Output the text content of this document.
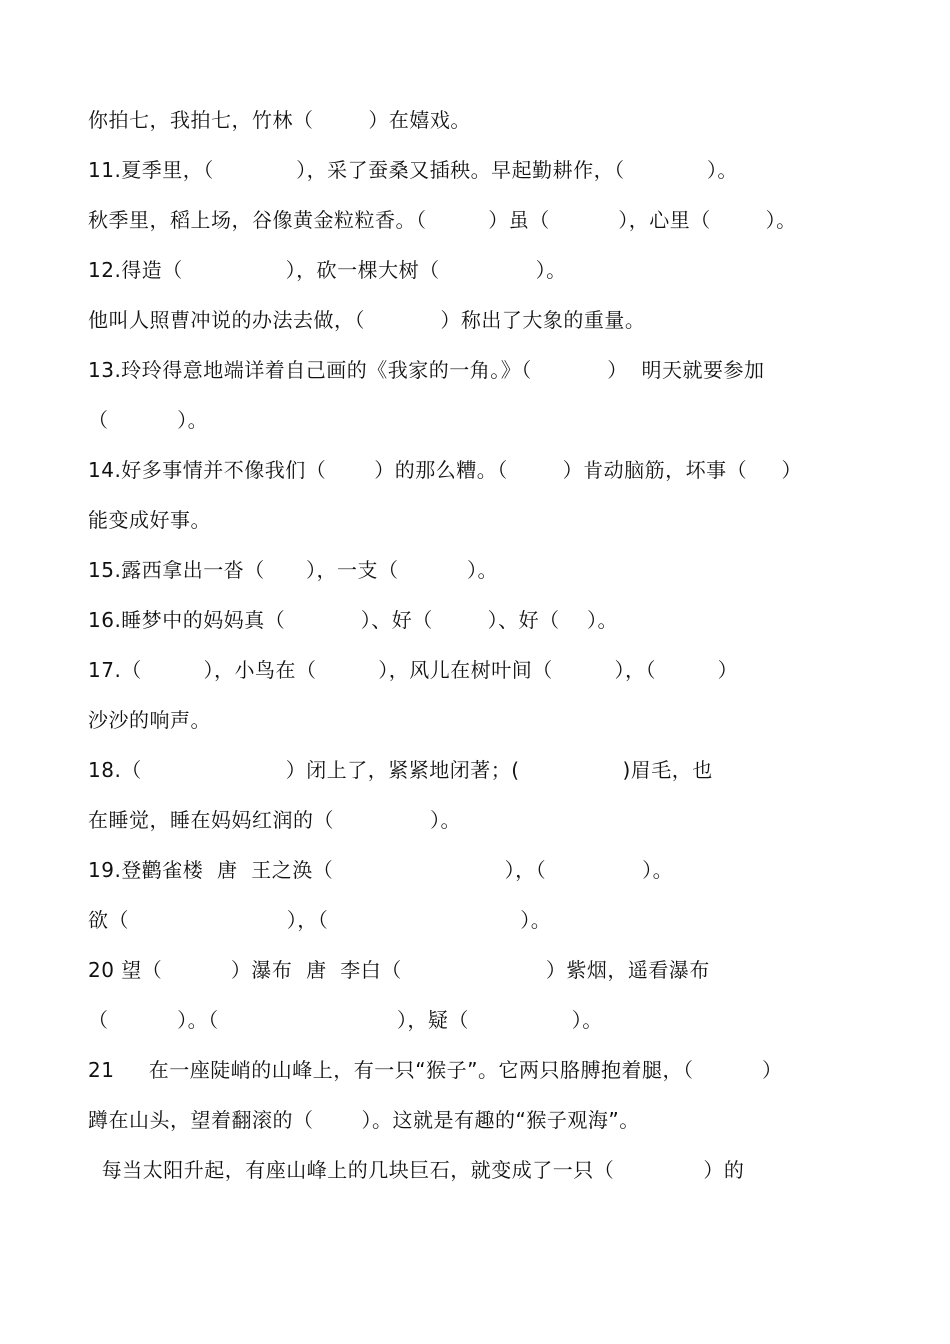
你拍七，我拍七，竹林（        ）在嬉戏。
11.夏季里，（            ），采了蚕桑又插秧。早起勤耕作，（            ）。
秋季里，稻上场，谷像黄金粒粒香。（         ）虽（          ），心里（        ）。
12.得造（               ），砍一棵大树（              ）。
他叫人照曹冲说的办法去做，（           ）称出了大象的重量。
13.玲玲得意地端详着自己画的《我家的一角。》（           ）  明天就要参加
（          ）。
14.好多事情并不像我们（       ）的那么糟。（        ）肯动脑筋，坏事（     ）
能变成好事。
15.露西拿出一沓（      ），一支（          ）。
16.睡梦中的妈妈真（           ）、好（        ）、好（    ）。
17.（         ），小鸟在（         ），风儿在树叶间（         ），（         ）
沙沙的响声。
18.（                     ）闭上了，紧紧地闭著；(               )眉毛，也
在睡觉，睡在妈妈红润的（              ）。
19.登鹳雀楼  唐  王之涣（                         ），（              ）。
欲（                       ），（                            ）。
20 望（          ）瀑布  唐  李白（                     ）紫烟，遥看瀑布
（          ）。（                          ），疑（               ）。
21     在一座陡峭的山峰上，有一只“猴子”。它两只胳膊抱着腿，（          ）
蹲在山头，望着翻滚的（       ）。这就是有趣的“猴子观海”。
每当太阳升起，有座山峰上的几块巨石，就变成了一只（             ）的
